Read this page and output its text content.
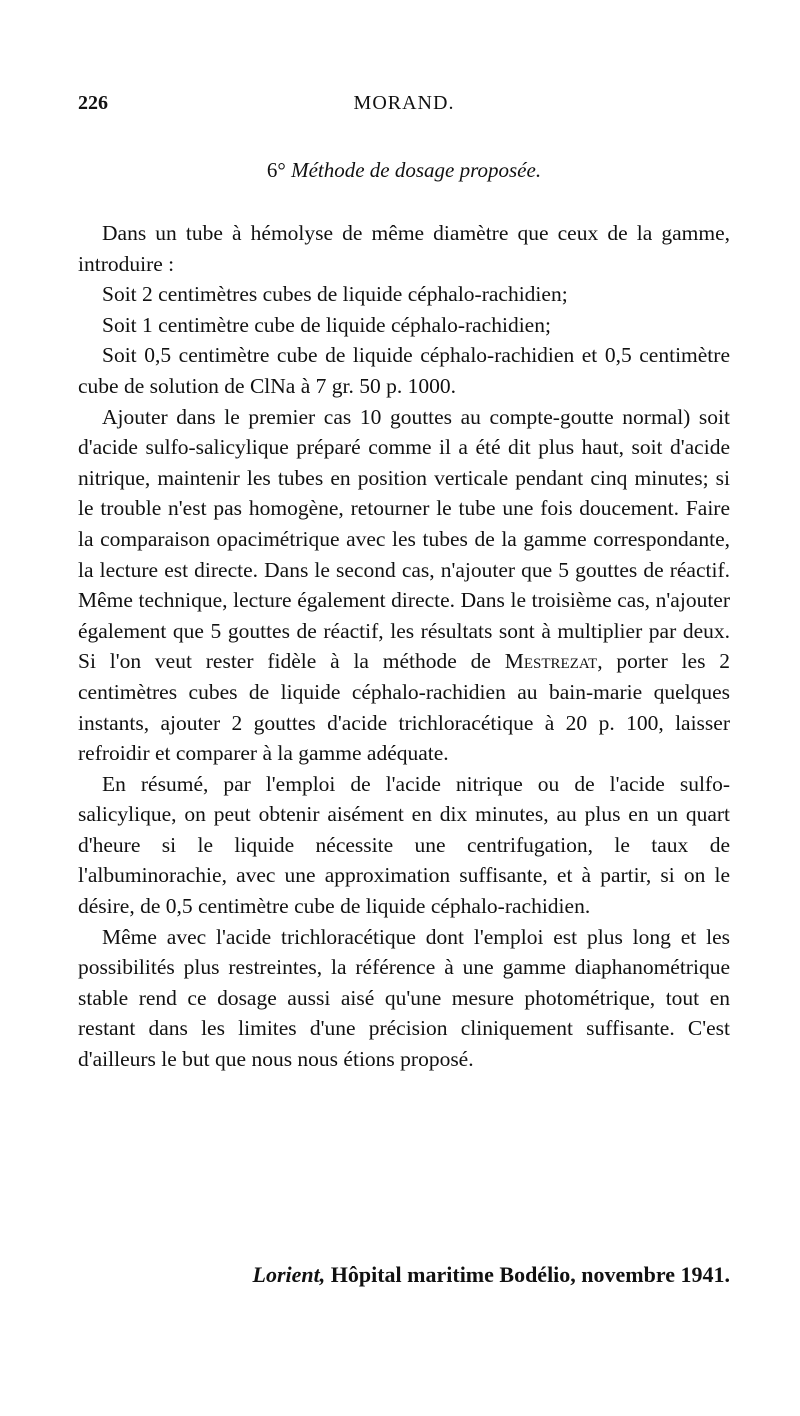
226	MORAND.
6° Méthode de dosage proposée.

Dans un tube à hémolyse de même diamètre que ceux de la gamme, introduire :

Soit 2 centimètres cubes de liquide céphalo-rachidien;

Soit 1 centimètre cube de liquide céphalo-rachidien;

Soit 0,5 centimètre cube de liquide céphalo-rachidien et 0,5 centimètre cube de solution de ClNa à 7 gr. 50 p. 1000.

Ajouter dans le premier cas 10 gouttes au compte-goutte normal) soit d'acide sulfo-salicylique préparé comme il a été dit plus haut, soit d'acide nitrique, maintenir les tubes en position verticale pendant cinq minutes; si le trouble n'est pas homogène, retourner le tube une fois doucement. Faire la comparaison opacimétrique avec les tubes de la gamme correspondante, la lecture est directe. Dans le second cas, n'ajouter que 5 gouttes de réactif. Même technique, lecture également directe. Dans le troisième cas, n'ajouter également que 5 gouttes de réactif, les résultats sont à multiplier par deux. Si l'on veut rester fidèle à la méthode de Mestrezat, porter les 2 centimètres cubes de liquide céphalo-rachidien au bain-marie quelques instants, ajouter 2 gouttes d'acide trichloracétique à 20 p. 100, laisser refroidir et comparer à la gamme adéquate.

En résumé, par l'emploi de l'acide nitrique ou de l'acide sulfo-salicylique, on peut obtenir aisément en dix minutes, au plus en un quart d'heure si le liquide nécessite une centrifugation, le taux de l'albuminorachie, avec une approximation suffisante, et à partir, si on le désire, de 0,5 centimètre cube de liquide céphalo-rachidien.

Même avec l'acide trichloracétique dont l'emploi est plus long et les possibilités plus restreintes, la référence à une gamme diaphanométrique stable rend ce dosage aussi aisé qu'une mesure photométrique, tout en restant dans les limites d'une précision cliniquement suffisante. C'est d'ailleurs le but que nous nous étions proposé.

Lorient, Hôpital maritime Bodélio, novembre 1941.
